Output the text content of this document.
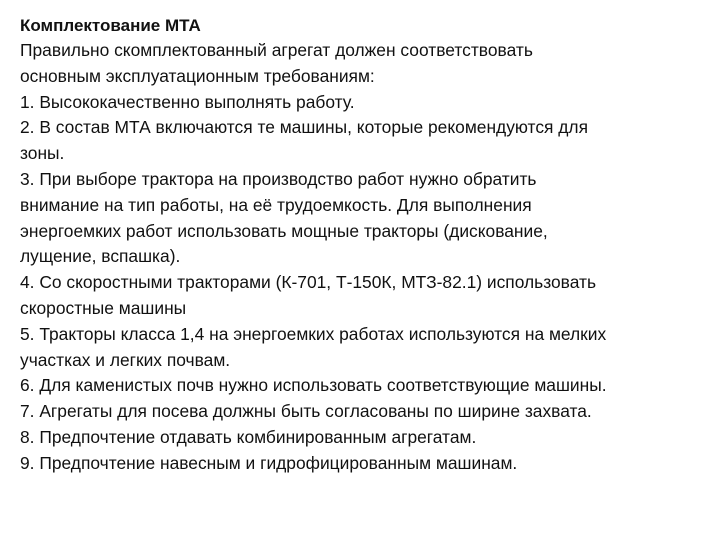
Комплектование МТА
Правильно скомплектованный агрегат должен соответствовать
основным эксплуатационным требованиям:
1. Высококачественно выполнять работу.
2. В состав МТА включаются те машины, которые рекомендуются для
зоны.
3. При выборе трактора на производство работ нужно обратить
внимание на тип работы, на её трудоемкость. Для выполнения
энергоемких работ использовать мощные тракторы (дискование,
лущение, вспашка).
4. Со скоростными тракторами (К-701, Т-150К, МТЗ-82.1) использовать
скоростные машины
5. Тракторы класса 1,4 на энергоемких работах используются на мелких
участках и легких почвам.
6. Для каменистых почв нужно использовать соответствующие машины.
7. Агрегаты для посева должны быть согласованы по ширине захвата.
8. Предпочтение отдавать комбинированным агрегатам.
9. Предпочтение навесным и гидрофицированным машинам.
